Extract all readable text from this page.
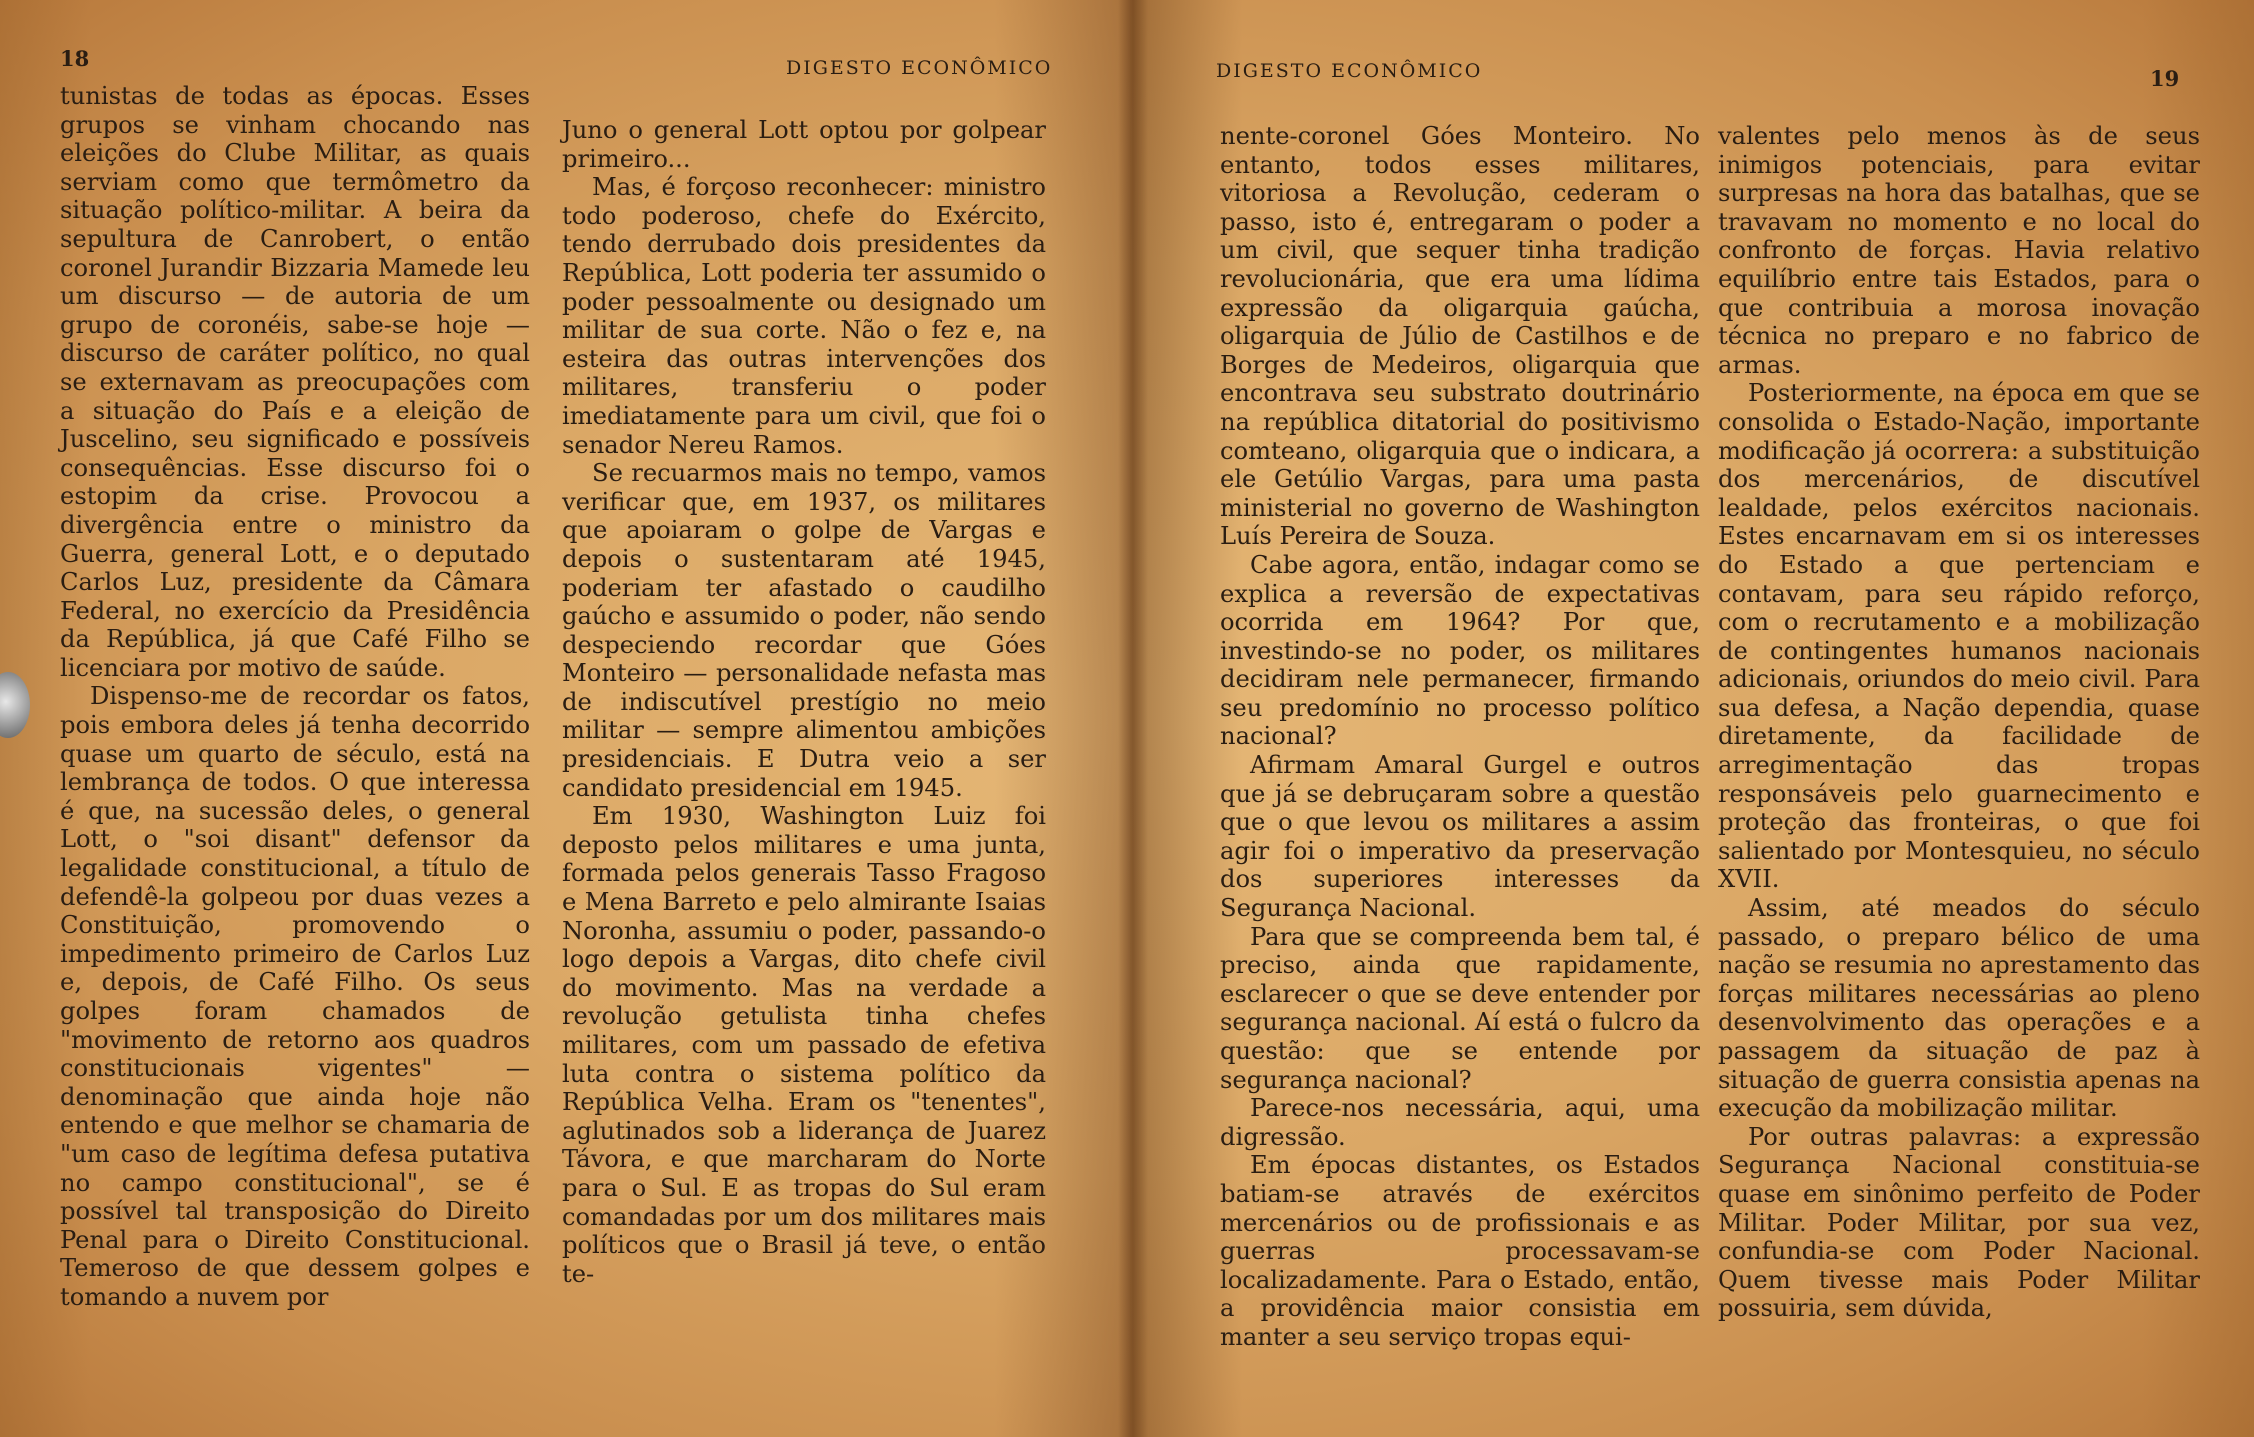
18	DIGESTO ECONÔMICO

tunistas de todas as épocas. Esses grupos se vinham chocando nas eleições do Clube Militar, as quais serviam como que termômetro da situação político-militar. A beira da sepultura de Canrobert, o então coronel Jurandir Bizzaria Mamede leu um discurso — de autoria de um grupo de coronéis, sabe-se hoje — discurso de caráter político, no qual se externavam as preocupações com a situação do País e a eleição de Juscelino, seu significado e possíveis consequências. Esse discurso foi o estopim da crise. Provocou a divergência entre o ministro da Guerra, general Lott, e o deputado Carlos Luz, presidente da Câmara Federal, no exercício da Presidência da República, já que Café Filho se licenciara por motivo de saúde.

Dispenso-me de recordar os fatos, pois embora deles já tenha decorrido quase um quarto de século, está na lembrança de todos. O que interessa é que, na sucessão deles, o general Lott, o "soi disant" defensor da legalidade constitucional, a título de defendê-la golpeou por duas vezes a Constituição, promovendo o impedimento primeiro de Carlos Luz e, depois, de Café Filho. Os seus golpes foram chamados de "movimento de retorno aos quadros constitucionais vigentes" — denominação que ainda hoje não entendo e que melhor se chamaria de "um caso de legítima defesa putativa no campo constitucional", se é possível tal transposição do Direito Penal para o Direito Constitucional. Temeroso de que dessem golpes e tomando a nuvem por

Juno o general Lott optou por golpear primeiro...

Mas, é forçoso reconhecer: ministro todo poderoso, chefe do Exército, tendo derrubado dois presidentes da República, Lott poderia ter assumido o poder pessoalmente ou designado um militar de sua corte. Não o fez e, na esteira das outras intervenções dos militares, transferiu o poder imediatamente para um civil, que foi o senador Nereu Ramos.

Se recuarmos mais no tempo, vamos verificar que, em 1937, os militares que apoiaram o golpe de Vargas e depois o sustentaram até 1945, poderiam ter afastado o caudilho gaúcho e assumido o poder, não sendo despeciendo recordar que Góes Monteiro — personalidade nefasta mas de indiscutível prestígio no meio militar — sempre alimentou ambições presidenciais. E Dutra veio a ser candidato presidencial em 1945.

Em 1930, Washington Luiz foi deposto pelos militares e uma junta, formada pelos generais Tasso Fragoso e Mena Barreto e pelo almirante Isaias Noronha, assumiu o poder, passando-o logo depois a Vargas, dito chefe civil do movimento. Mas na verdade a revolução getulista tinha chefes militares, com um passado de efetiva luta contra o sistema político da República Velha. Eram os "tenentes", aglutinados sob a liderança de Juarez Távora, e que marcharam do Norte para o Sul. E as tropas do Sul eram comandadas por um dos militares mais políticos que o Brasil já teve, o então te-

DIGESTO ECONÔMICO	19

nente-coronel Góes Monteiro. No entanto, todos esses militares, vitoriosa a Revolução, cederam o passo, isto é, entregaram o poder a um civil, que sequer tinha tradição revolucionária, que era uma lídima expressão da oligarquia gaúcha, oligarquia de Júlio de Castilhos e de Borges de Medeiros, oligarquia que encontrava seu substrato doutrinário na república ditatorial do positivismo comteano, oligarquia que o indicara, a ele Getúlio Vargas, para uma pasta ministerial no governo de Washington Luís Pereira de Souza.

Cabe agora, então, indagar como se explica a reversão de expectativas ocorrida em 1964? Por que, investindo-se no poder, os militares decidiram nele permanecer, firmando seu predomínio no processo político nacional?

Afirmam Amaral Gurgel e outros que já se debruçaram sobre a questão que o que levou os militares a assim agir foi o imperativo da preservação dos superiores interesses da Segurança Nacional.

Para que se compreenda bem tal, é preciso, ainda que rapidamente, esclarecer o que se deve entender por segurança nacional. Aí está o fulcro da questão: que se entende por segurança nacional?

Parece-nos necessária, aqui, uma digressão.

Em épocas distantes, os Estados batiam-se através de exércitos mercenários ou de profissionais e as guerras processavam-se localizadamente. Para o Estado, então, a providência maior consistia em manter a seu serviço tropas equi-

valentes pelo menos às de seus inimigos potenciais, para evitar surpresas na hora das batalhas, que se travavam no momento e no local do confronto de forças. Havia relativo equilíbrio entre tais Estados, para o que contribuia a morosa inovação técnica no preparo e no fabrico de armas.

Posteriormente, na época em que se consolida o Estado-Nação, importante modificação já ocorrera: a substituição dos mercenários, de discutível lealdade, pelos exércitos nacionais. Estes encarnavam em si os interesses do Estado a que pertenciam e contavam, para seu rápido reforço, com o recrutamento e a mobilização de contingentes humanos nacionais adicionais, oriundos do meio civil. Para sua defesa, a Nação dependia, quase diretamente, da facilidade de arregimentação das tropas responsáveis pelo guarnecimento e proteção das fronteiras, o que foi salientado por Montesquieu, no século XVII.

Assim, até meados do século passado, o preparo bélico de uma nação se resumia no aprestamento das forças militares necessárias ao pleno desenvolvimento das operações e a passagem da situação de paz à situação de guerra consistia apenas na execução da mobilização militar.

Por outras palavras: a expressão Segurança Nacional constituia-se quase em sinônimo perfeito de Poder Militar. Poder Militar, por sua vez, confundia-se com Poder Nacional. Quem tivesse mais Poder Militar possuiria, sem dúvida,
